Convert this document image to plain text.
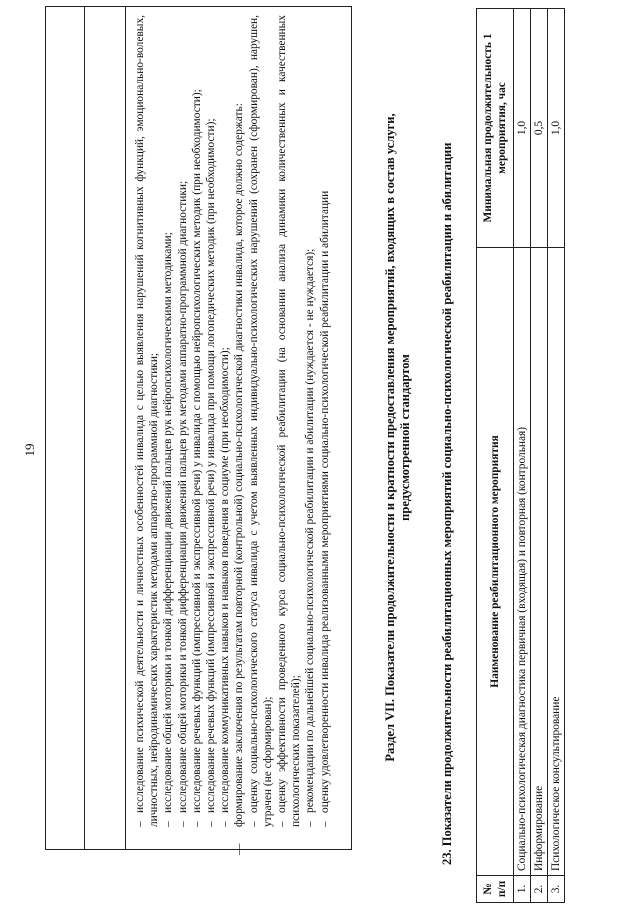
19

–исследование психической деятельности и личностных особенностей инвалида с целью выявления нарушений когнитивных функций, эмоционально-волевых, личностных, нейродинамических характеристик методами аппаратно-программной диагностики; –исследование общей моторики и тонкой дифференциации движений пальцев рук нейропсихологическими методиками;

–исследование общей моторики и тонкой дифференциации движений пальцев рук методами аппаратно-программной диагностики;

–исследование речевых функций (импрессивной и экспрессивной речи) у инвалида с помощью нейропсихологических методик (при необходимости);

–исследование речевых функций (импрессивной и экспрессивной речи) у инвалида при помощи логопедических методик (при необходимости);

–исследование коммуникативных навыков и навыков поведения в социуме (при необходимости);

—формирование заключения по результатам повторной (контрольной) социально-психологической диагностики инвалида, которое должно содержать: –оценку социально-психологического статуса инвалида с учетом выявленных индивидуально-психологических нарушений (сохранен (сформирован), нарушен, утрачен (не сформирован); –оценку эффективности проведенного курса социально-психологической реабилитации (на основании анализа динамики количественных и качественных психологических показателей); –рекомендации по дальнейшей социально-психологической реабилитации и абилитации (нуждается - не нуждается);

–оценку удовлетворенности инвалида реализованными мероприятиями социально-психологической реабилитации и абилитации	Раздел VII. Показатели продолжительности и кратности предоставления мероприятий, входящих в состав услуги, предусмотренной стандартом 23. Показатели продолжительности реабилитационных мероприятий социально-психологической реабилитации и абилитации
№ п/п	Наименование реабилитационного мероприятия	Минимальная продолжительность 1 мероприятия, час
1.	Социально-психологическая диагностика первичная (входящая) и повторная (контрольная)	1,0
2.	Информирование	0,5
3.	Психологическое консультирование	1,0
